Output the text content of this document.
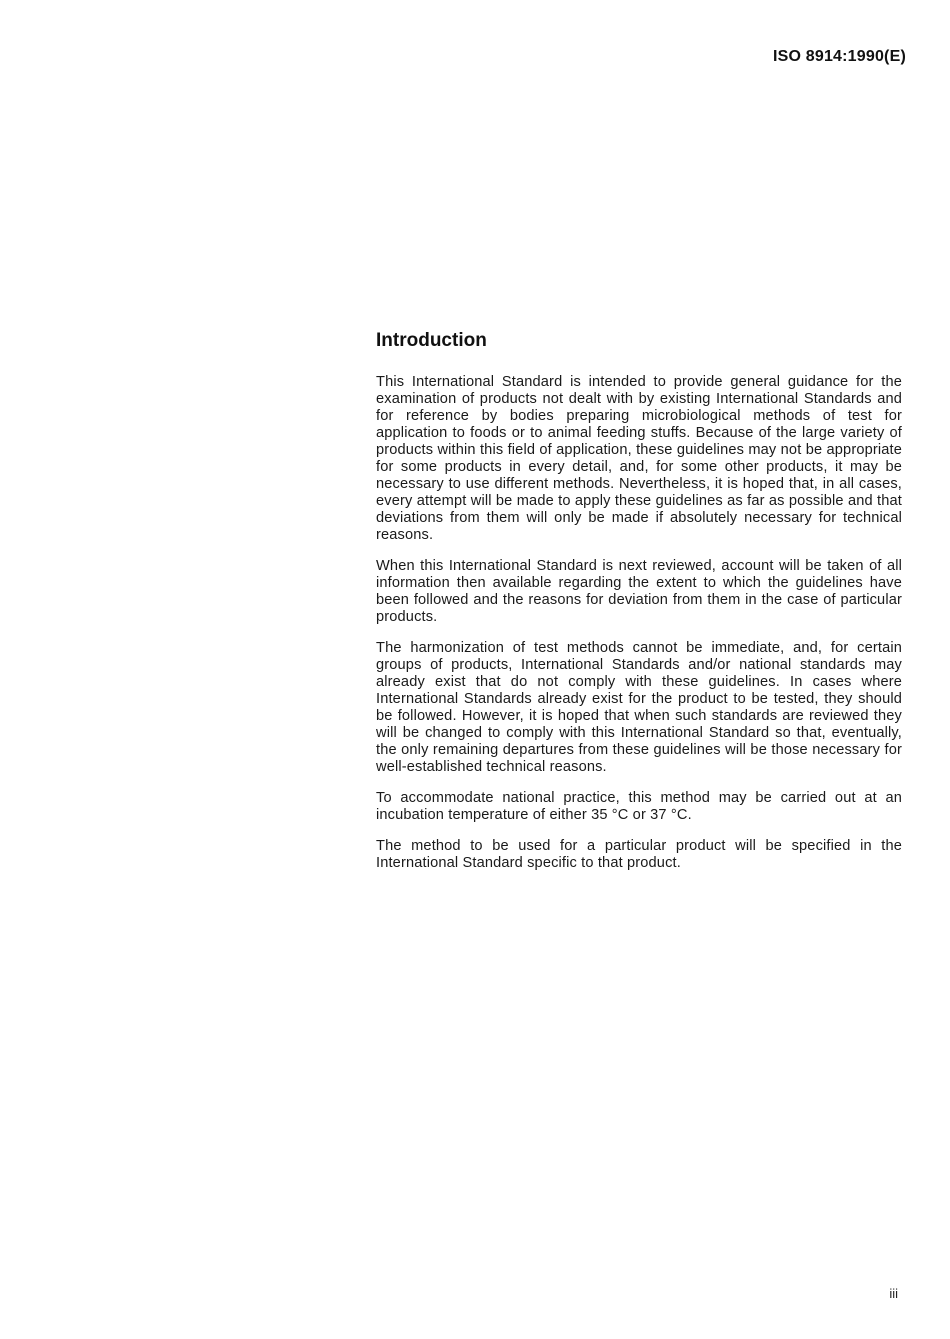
ISO 8914:1990(E)
Introduction

This International Standard is intended to provide general guidance for the examination of products not dealt with by existing International Standards and for reference by bodies preparing microbiological methods of test for application to foods or to animal feeding stuffs. Because of the large variety of products within this field of application, these guidelines may not be appropriate for some products in every detail, and, for some other products, it may be necessary to use different methods. Nevertheless, it is hoped that, in all cases, every attempt will be made to apply these guidelines as far as possible and that deviations from them will only be made if absolutely necessary for technical reasons.

When this International Standard is next reviewed, account will be taken of all information then available regarding the extent to which the guidelines have been followed and the reasons for deviation from them in the case of particular products.

The harmonization of test methods cannot be immediate, and, for certain groups of products, International Standards and/or national standards may already exist that do not comply with these guidelines. In cases where International Standards already exist for the product to be tested, they should be followed. However, it is hoped that when such standards are reviewed they will be changed to comply with this International Standard so that, eventually, the only remaining departures from these guidelines will be those necessary for well-established technical reasons.

To accommodate national practice, this method may be carried out at an incubation temperature of either 35 °C or 37 °C.

The method to be used for a particular product will be specified in the International Standard specific to that product.

iii
